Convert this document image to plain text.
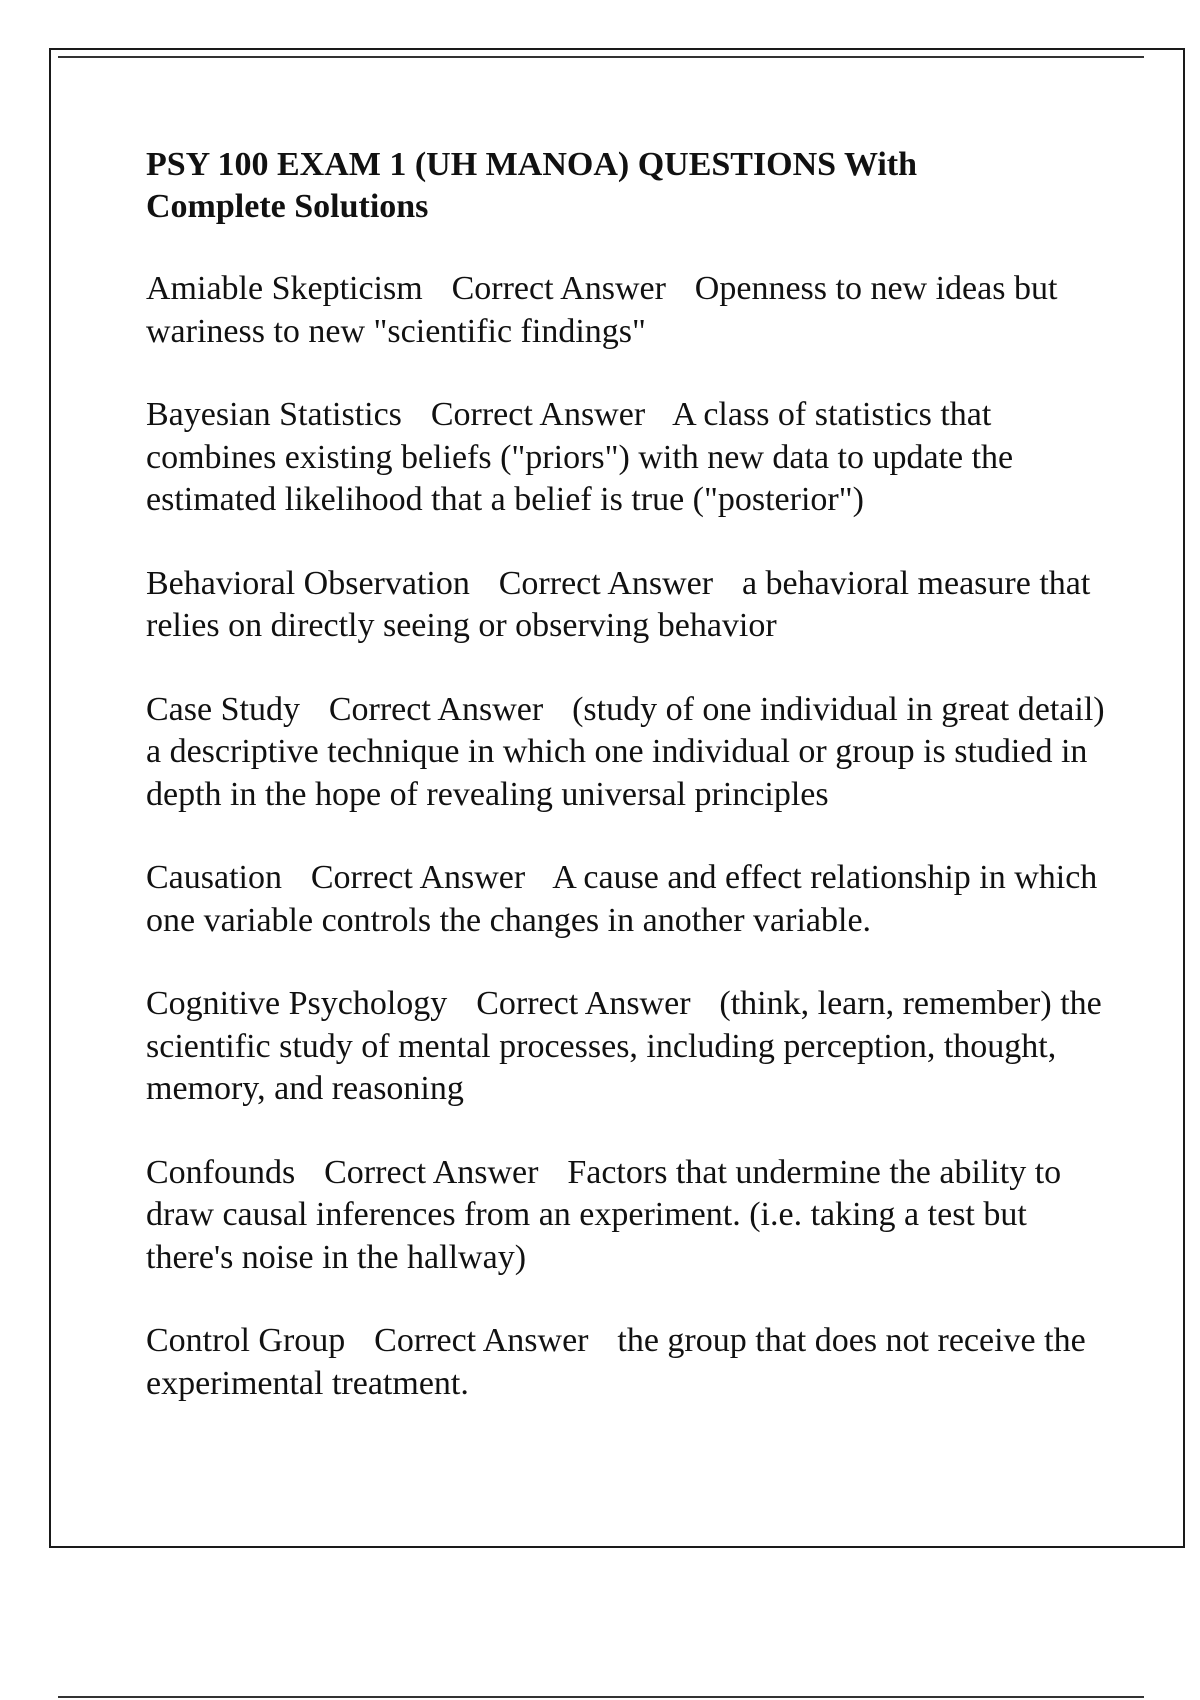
PSY 100 EXAM 1 (UH MANOA) QUESTIONS With Complete Solutions

Amiable Skepticism Correct Answer Openness to new ideas but wariness to new "scientific findings"

Bayesian Statistics Correct Answer A class of statistics that combines existing beliefs ("priors") with new data to update the estimated likelihood that a belief is true ("posterior")

Behavioral Observation Correct Answer a behavioral measure that relies on directly seeing or observing behavior

Case Study Correct Answer (study of one individual in great detail) a descriptive technique in which one individual or group is studied in depth in the hope of revealing universal principles

Causation Correct Answer A cause and effect relationship in which one variable controls the changes in another variable.

Cognitive Psychology Correct Answer (think, learn, remember) the scientific study of mental processes, including perception, thought, memory, and reasoning

Confounds Correct Answer Factors that undermine the ability to draw causal inferences from an experiment. (i.e. taking a test but there's noise in the hallway)

Control Group Correct Answer the group that does not receive the experimental treatment.
